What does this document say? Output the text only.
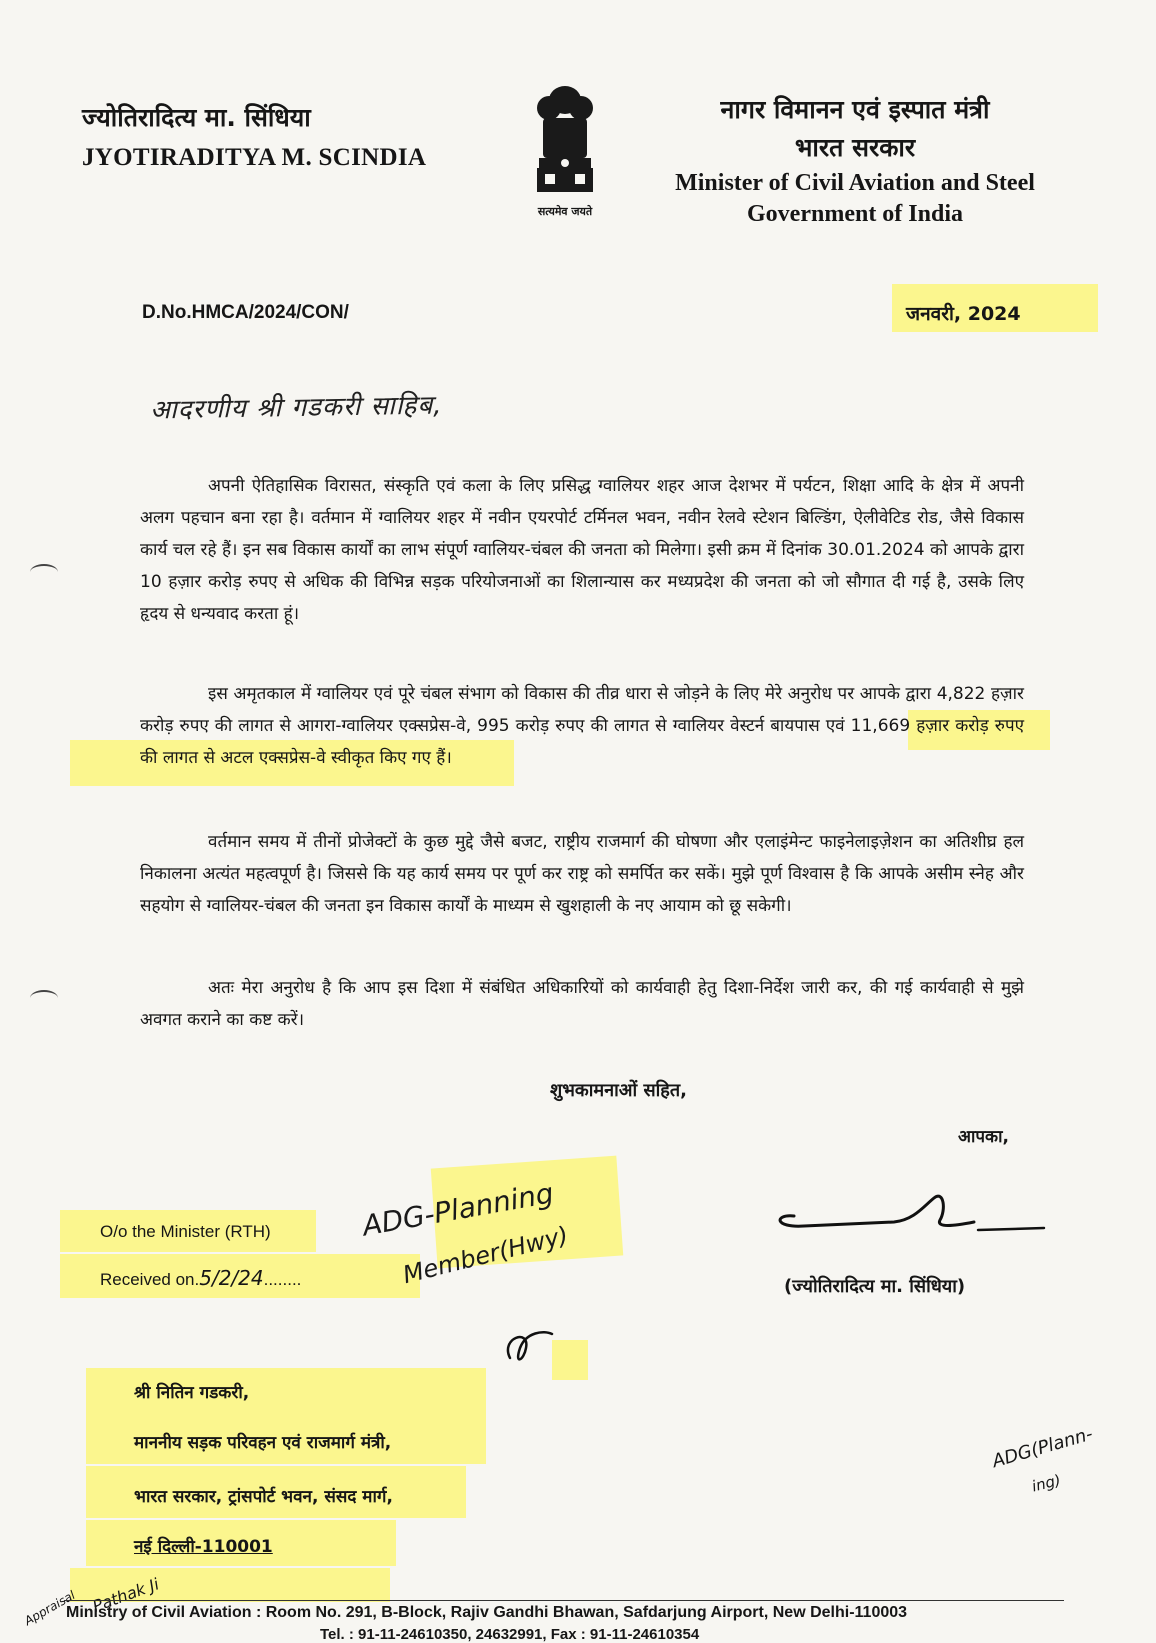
ज्योतिरादित्य मा. सिंधिया
JYOTIRADITYA M. SCINDIA
सत्यमेव जयते
नागर विमानन एवं इस्पात मंत्री
भारत सरकार
Minister of Civil Aviation and Steel
Government of India
D.No.HMCA/2024/CON/	जनवरी, 2024
आदरणीय श्री गडकरी साहिब,

अपनी ऐतिहासिक विरासत, संस्कृति एवं कला के लिए प्रसिद्ध ग्वालियर शहर आज देशभर में पर्यटन, शिक्षा आदि के क्षेत्र में अपनी अलग पहचान बना रहा है। वर्तमान में ग्वालियर शहर में नवीन एयरपोर्ट टर्मिनल भवन, नवीन रेलवे स्टेशन बिल्डिंग, ऐलीवेटिड रोड, जैसे विकास कार्य चल रहे हैं। इन सब विकास कार्यों का लाभ संपूर्ण ग्वालियर-चंबल की जनता को मिलेगा। इसी क्रम में दिनांक 30.01.2024 को आपके द्वारा 10 हज़ार करोड़ रुपए से अधिक की विभिन्न सड़क परियोजनाओं का शिलान्यास कर मध्यप्रदेश की जनता को जो सौगात दी गई है, उसके लिए हृदय से धन्यवाद करता हूं।

इस अमृतकाल में ग्वालियर एवं पूरे चंबल संभाग को विकास की तीव्र धारा से जोड़ने के लिए मेरे अनुरोध पर आपके द्वारा 4,822 हज़ार करोड़ रुपए की लागत से आगरा-ग्वालियर एक्सप्रेस-वे, 995 करोड़ रुपए की लागत से ग्वालियर वेस्टर्न बायपास एवं 11,669 हज़ार करोड़ रुपए की लागत से अटल एक्सप्रेस-वे स्वीकृत किए गए हैं।

वर्तमान समय में तीनों प्रोजेक्टों के कुछ मुद्दे जैसे बजट, राष्ट्रीय राजमार्ग की घोषणा और एलाइंमेन्ट फाइनेलाइज़ेशन का अतिशीघ्र हल निकालना अत्यंत महत्वपूर्ण है। जिससे कि यह कार्य समय पर पूर्ण कर राष्ट्र को समर्पित कर सकें। मुझे पूर्ण विश्वास है कि आपके असीम स्नेह और सहयोग से ग्वालियर-चंबल की जनता इन विकास कार्यों के माध्यम से खुशहाली के नए आयाम को छू सकेगी।

अतः मेरा अनुरोध है कि आप इस दिशा में संबंधित अधिकारियों को कार्यवाही हेतु दिशा-निर्देश जारी कर, की गई कार्यवाही से मुझे अवगत कराने का कष्ट करें।

शुभकामनाओं सहित,
आपका,
(ज्योतिरादित्य मा. सिंधिया)
O/o the Minister (RTH)
Received on.5/2/24........
ADG-Planning
Member(Hwy)
श्री नितिन गडकरी,
माननीय सड़क परिवहन एवं राजमार्ग मंत्री,
भारत सरकार, ट्रांसपोर्ट भवन, संसद मार्ग,
नई दिल्ली-110001
Pathak Ji
Appraisal
ADG(Plann-
ing)
Ministry of Civil Aviation : Room No. 291, B-Block, Rajiv Gandhi Bhawan, Safdarjung Airport, New Delhi-110003
Tel. : 91-11-24610350, 24632991, Fax : 91-11-24610354
